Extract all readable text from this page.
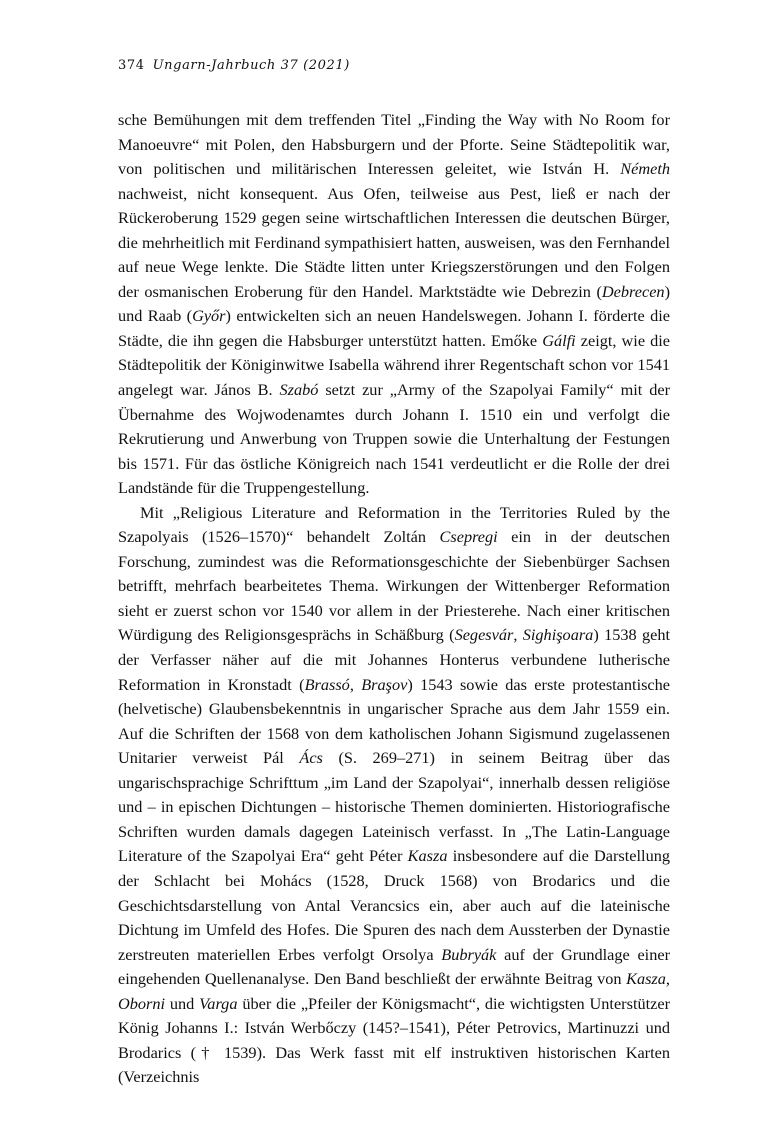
374 Ungarn-Jahrbuch 37 (2021)

sche Bemühungen mit dem treffenden Titel „Finding the Way with No Room for Manoeuvre“ mit Polen, den Habsburgern und der Pforte. Seine Städtepolitik war, von politischen und militärischen Interessen geleitet, wie István H. Németh nachweist, nicht konsequent. Aus Ofen, teilweise aus Pest, ließ er nach der Rückeroberung 1529 gegen seine wirtschaftlichen Interessen die deutschen Bürger, die mehrheitlich mit Ferdinand sympathisiert hatten, ausweisen, was den Fernhandel auf neue Wege lenkte. Die Städte litten unter Kriegszerstörungen und den Folgen der osmanischen Eroberung für den Handel. Marktstädte wie Debrezin (Debrecen) und Raab (Győr) entwickelten sich an neuen Handelswegen. Johann I. förderte die Städte, die ihn gegen die Habsburger unterstützt hatten. Emőke Gálfi zeigt, wie die Städtepolitik der Königinwitwe Isabella während ihrer Regentschaft schon vor 1541 angelegt war. János B. Szabó setzt zur „Army of the Szapolyai Family“ mit der Übernahme des Wojwodenamtes durch Johann I. 1510 ein und verfolgt die Rekrutierung und Anwerbung von Truppen sowie die Unterhaltung der Festungen bis 1571. Für das östliche Königreich nach 1541 verdeutlicht er die Rolle der drei Landstände für die Truppengestellung.

Mit „Religious Literature and Reformation in the Territories Ruled by the Szapolyais (1526–1570)“ behandelt Zoltán Csepregi ein in der deutschen Forschung, zumindest was die Reformationsgeschichte der Siebenbürger Sachsen betrifft, mehrfach bearbeitetes Thema. Wirkungen der Wittenberger Reformation sieht er zuerst schon vor 1540 vor allem in der Priesterehe. Nach einer kritischen Würdigung des Religionsgesprächs in Schäßburg (Segesvár, Sighişoara) 1538 geht der Verfasser näher auf die mit Johannes Honterus verbundene lutherische Reformation in Kronstadt (Brassó, Braşov) 1543 sowie das erste protestantische (helvetische) Glaubensbekenntnis in ungarischer Sprache aus dem Jahr 1559 ein. Auf die Schriften der 1568 von dem katholischen Johann Sigismund zugelassenen Unitarier verweist Pál Ács (S. 269–271) in seinem Beitrag über das ungarischsprachige Schrifttum „im Land der Szapolyai“, innerhalb dessen religiöse und – in epischen Dichtungen – historische Themen dominierten. Historiografische Schriften wurden damals dagegen Lateinisch verfasst. In „The Latin-Language Literature of the Szapolyai Era“ geht Péter Kasza insbesondere auf die Darstellung der Schlacht bei Mohács (1528, Druck 1568) von Brodarics und die Geschichtsdarstellung von Antal Verancsics ein, aber auch auf die lateinische Dichtung im Umfeld des Hofes. Die Spuren des nach dem Aussterben der Dynastie zerstreuten materiellen Erbes verfolgt Orsolya Bubryák auf der Grundlage einer eingehenden Quellenanalyse. Den Band beschließt der erwähnte Beitrag von Kasza, Oborni und Varga über die „Pfeiler der Königsmacht“, die wichtigsten Unterstützer König Johanns I.: István Werbőczy (145?–1541), Péter Petrovics, Martinuzzi und Brodarics († 1539). Das Werk fasst mit elf instruktiven historischen Karten (Verzeichnis
